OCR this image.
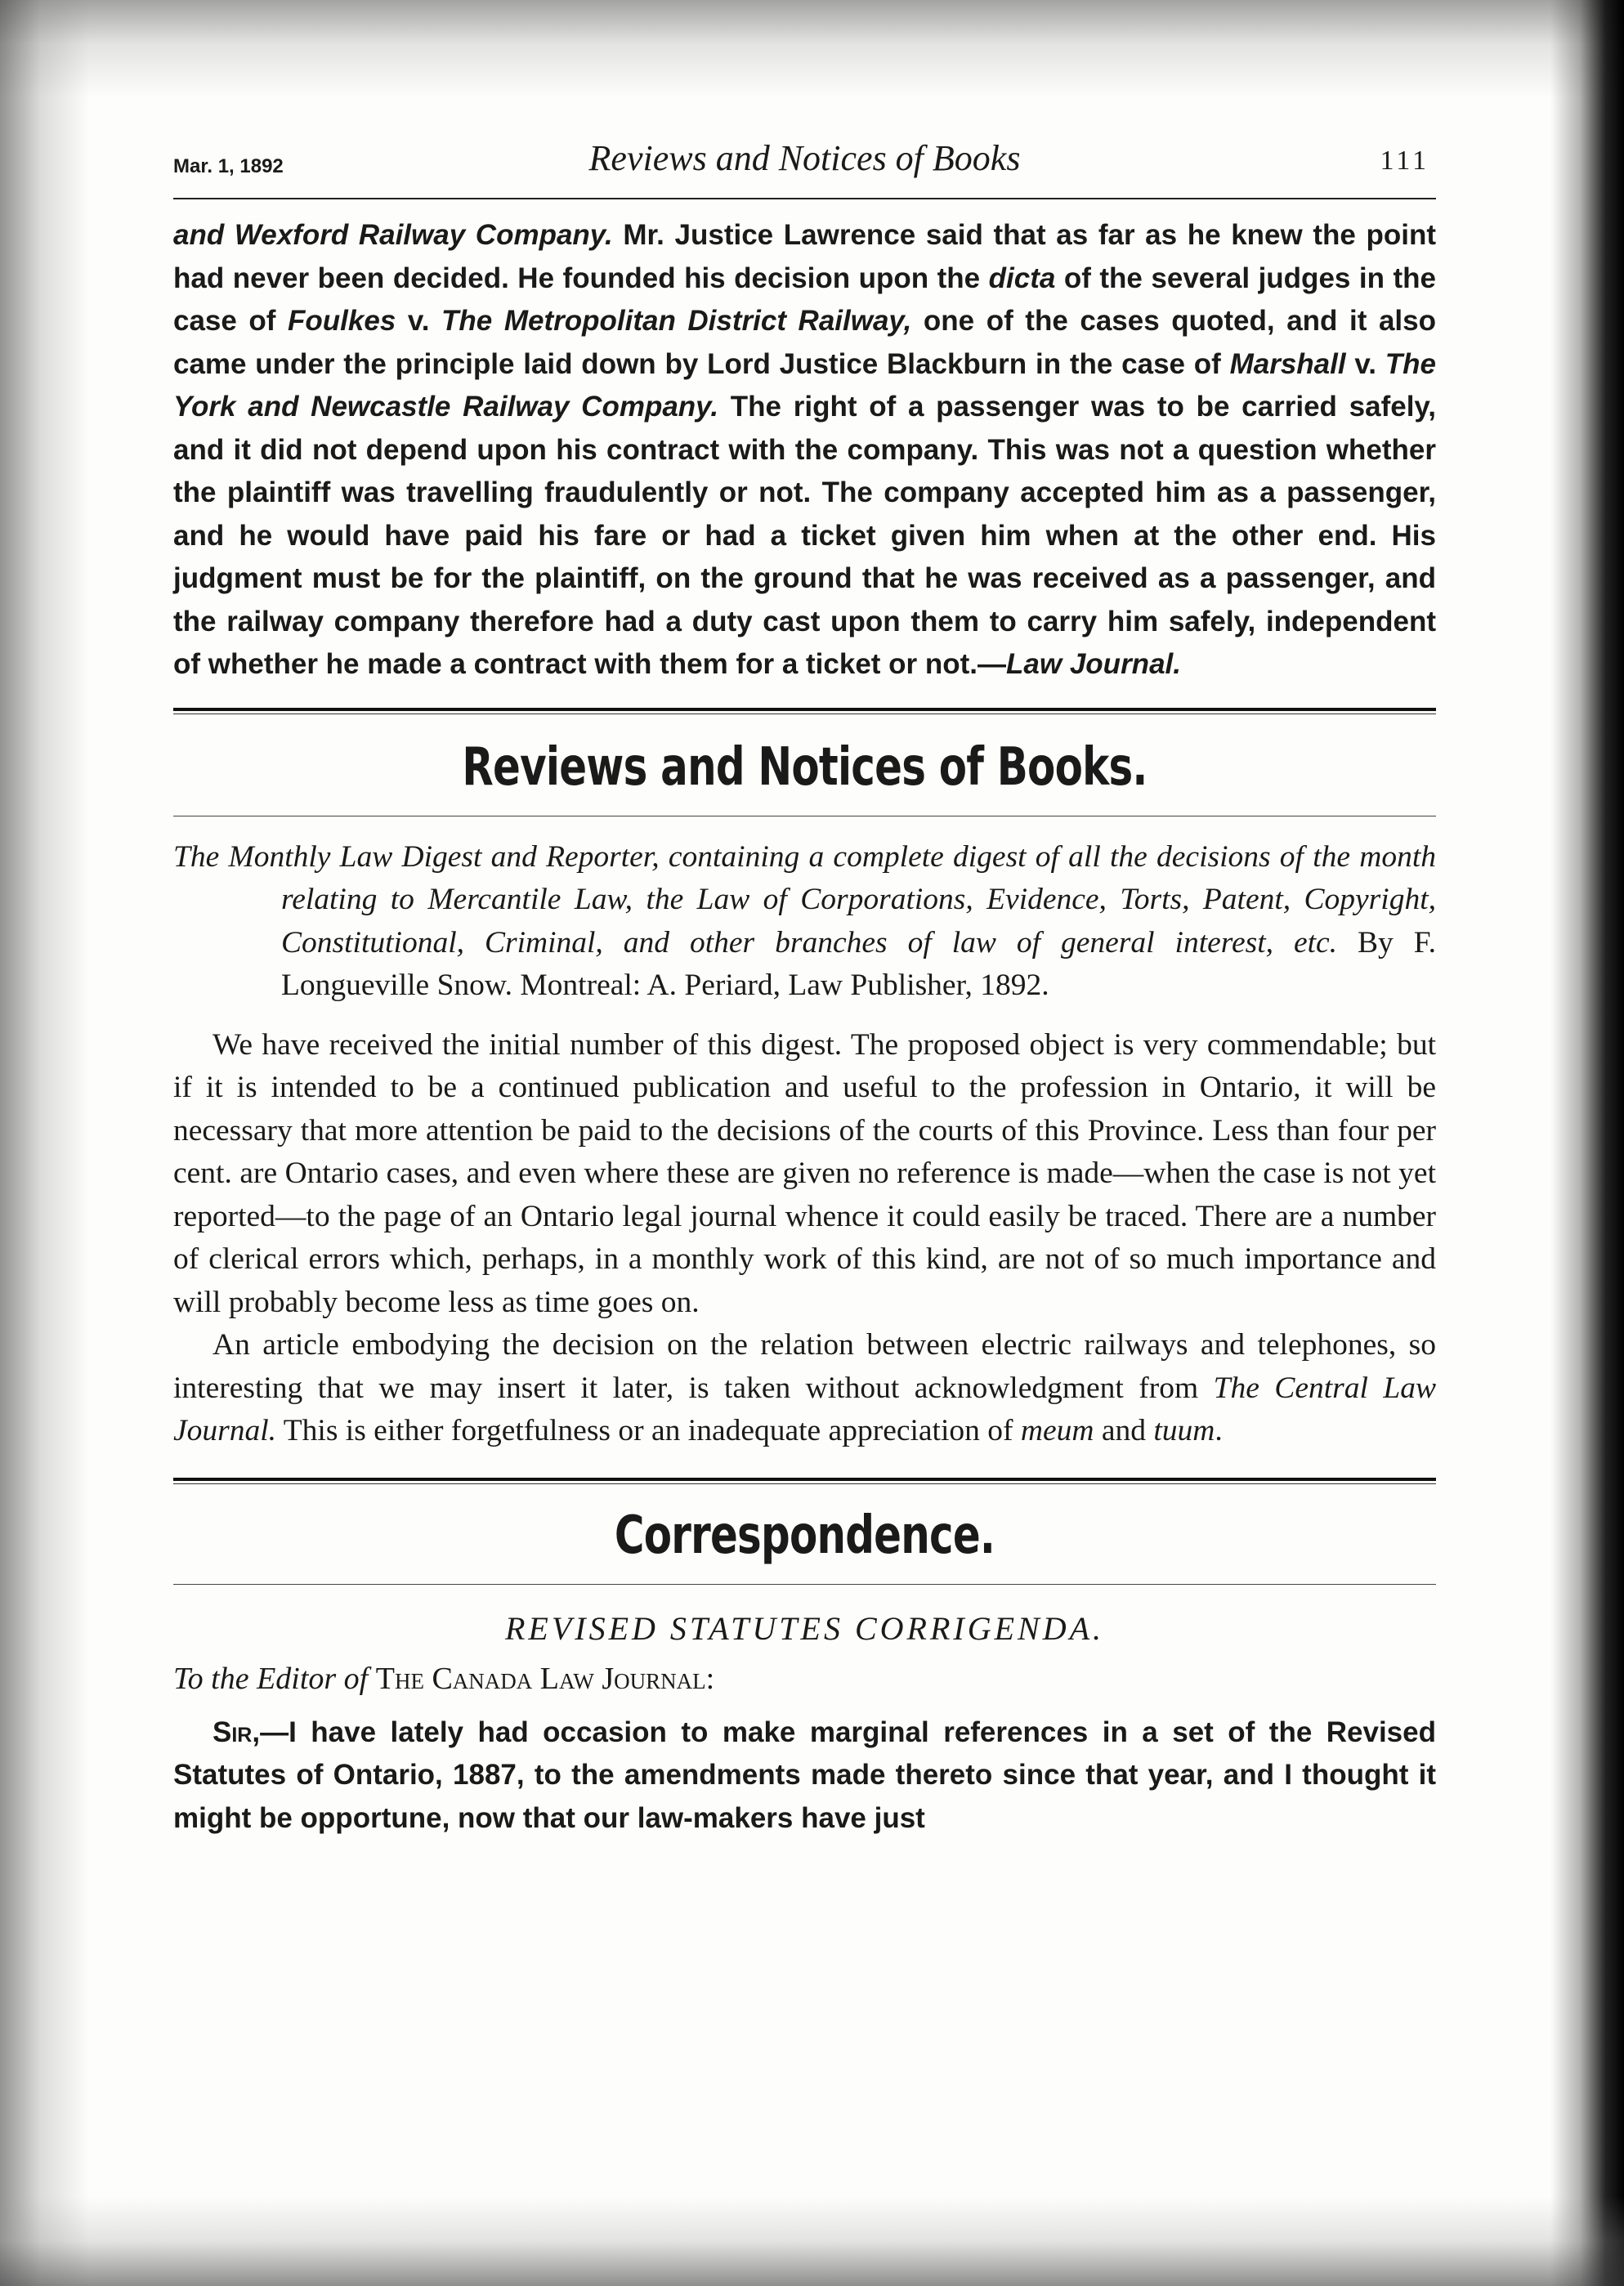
Mar. 1, 1892	Reviews and Notices of Books	111

and Wexford Railway Company. Mr. Justice Lawrence said that as far as he knew the point had never been decided. He founded his decision upon the dicta of the several judges in the case of Foulkes v. The Metropolitan District Railway, one of the cases quoted, and it also came under the principle laid down by Lord Justice Blackburn in the case of Marshall v. The York and Newcastle Railway Company. The right of a passenger was to be carried safely, and it did not depend upon his contract with the company. This was not a question whether the plaintiff was travelling fraudulently or not. The company accepted him as a passenger, and he would have paid his fare or had a ticket given him when at the other end. His judgment must be for the plaintiff, on the ground that he was received as a passenger, and the railway company therefore had a duty cast upon them to carry him safely, independent of whether he made a contract with them for a ticket or not.—Law Journal.

Reviews and Notices of Books.

The Monthly Law Digest and Reporter, containing a complete digest of all the decisions of the month relating to Mercantile Law, the Law of Corporations, Evidence, Torts, Patent, Copyright, Constitutional, Criminal, and other branches of law of general interest, etc. By F. Longueville Snow. Montreal: A. Periard, Law Publisher, 1892.

We have received the initial number of this digest. The proposed object is very commendable; but if it is intended to be a continued publication and useful to the profession in Ontario, it will be necessary that more attention be paid to the decisions of the courts of this Province. Less than four per cent. are Ontario cases, and even where these are given no reference is made—when the case is not yet reported—to the page of an Ontario legal journal whence it could easily be traced. There are a number of clerical errors which, perhaps, in a monthly work of this kind, are not of so much importance and will probably become less as time goes on.

An article embodying the decision on the relation between electric railways and telephones, so interesting that we may insert it later, is taken without acknowledgment from The Central Law Journal. This is either forgetfulness or an inadequate appreciation of meum and tuum.

Correspondence.
REVISED STATUTES CORRIGENDA.
To the Editor of The Canada Law Journal:

Sir,—I have lately had occasion to make marginal references in a set of the Revised Statutes of Ontario, 1887, to the amendments made thereto since that year, and I thought it might be opportune, now that our law-makers have just
